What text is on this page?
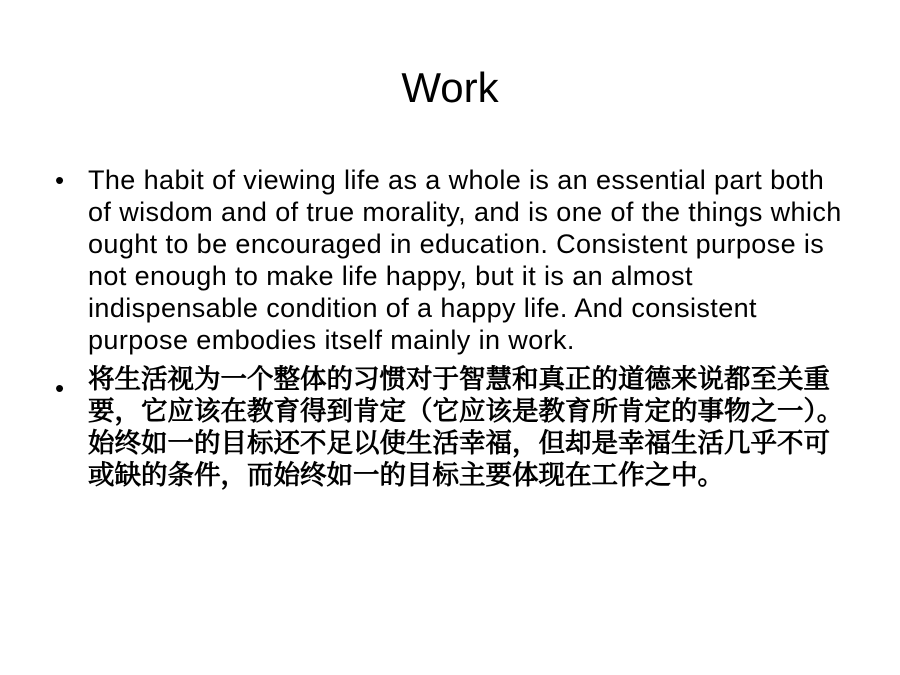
Work
• The habit of viewing life as a whole is an essential part both of wisdom and of true morality, and is one of the things which ought to be encouraged in education. Consistent purpose is not enough to make life happy, but it is an almost indispensable condition of a happy life. And consistent purpose embodies itself mainly in work.
• 将生活视为一个整体的习惯对于智慧和真正的道德来说都至关重要，它应该在教育得到肯定（它应该是教育所肯定的事物之一）。始终如一的目标还不足以使生活幸福，但却是幸福生活几乎不可或缺的条件，而始终如一的目标主要体现在工作之中。
